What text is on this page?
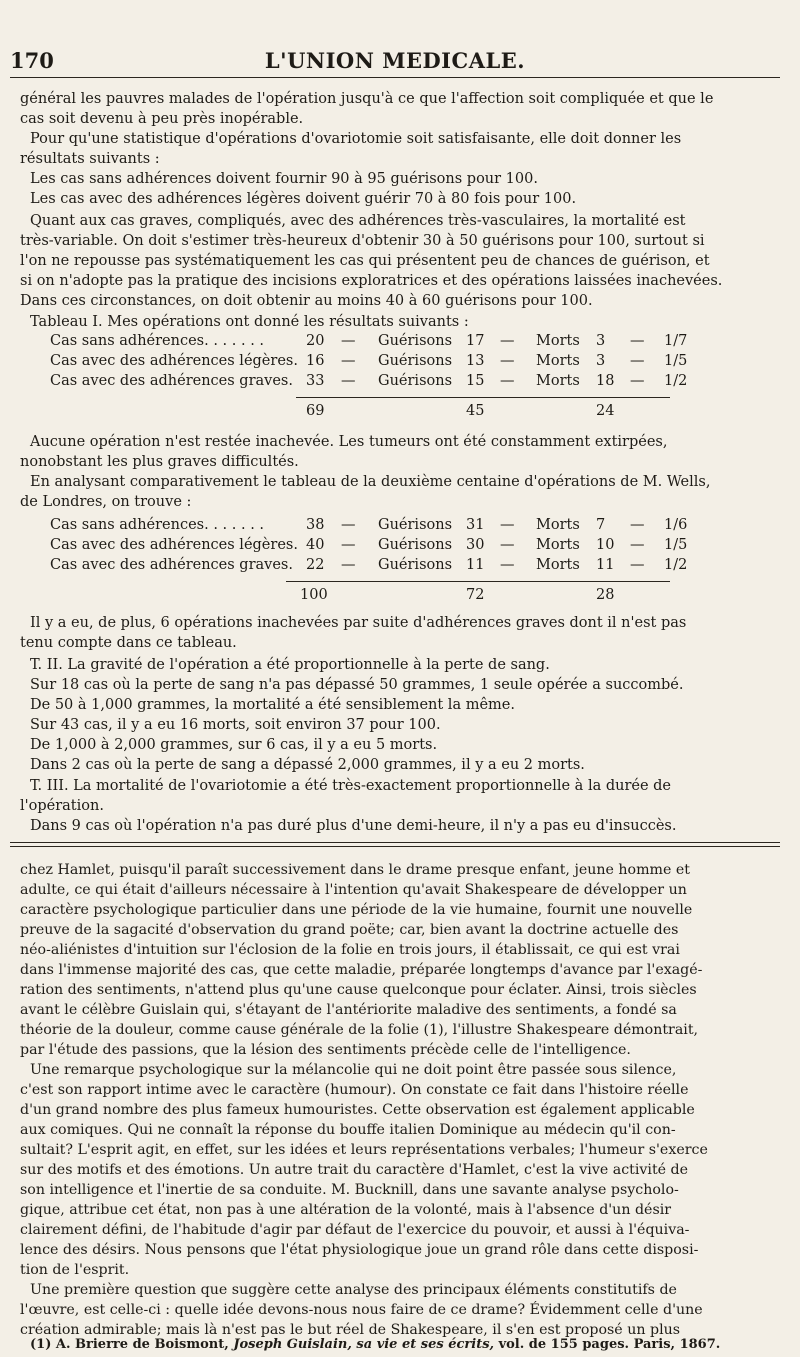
170	L'UNION MEDICALE.
général les pauvres malades de l'opération jusqu'à ce que l'affection soit compliquée et que le
cas soit devenu à peu près inopérable.
Pour qu'une statistique d'opérations d'ovariotomie soit satisfaisante, elle doit donner les
résultats suivants :
Les cas sans adhérences doivent fournir 90 à 95 guérisons pour 100.
Les cas avec des adhérences légères doivent guérir 70 à 80 fois pour 100.
Quant aux cas graves, compliqués, avec des adhérences très-vasculaires, la mortalité est
très-variable. On doit s'estimer très-heureux d'obtenir 30 à 50 guérisons pour 100, surtout si
l'on ne repousse pas systématiquement les cas qui présentent peu de chances de guérison, et
si on n'adopte pas la pratique des incisions exploratrices et des opérations laissées inachevées.
Dans ces circonstances, on doit obtenir au moins 40 à 60 guérisons pour 100.
Tableau I. Mes opérations ont donné les résultats suivants :
Cas sans adhérences. . . . . . .	20 — Guérisons 17 — Morts 3 — 1/7
Cas avec des adhérences légères. 16 — Guérisons 13 — Morts 3 — 1/5
Cas avec des adhérences graves. 33 — Guérisons 15 — Morts 18 — 1/2
69	45	24
Aucune opération n'est restée inachevée. Les tumeurs ont été constamment extirpées,
nonobstant les plus graves difficultés.
En analysant comparativement le tableau de la deuxième centaine d'opérations de M. Wells,
de Londres, on trouve :
Cas sans adhérences. . . . . . .	38 — Guérisons 31 — Morts 7 — 1/6
Cas avec des adhérences légères. 40 — Guérisons 30 — Morts 10 — 1/5
Cas avec des adhérences graves. 22 — Guérisons 11 — Morts 11 — 1/2
100	72	28
Il y a eu, de plus, 6 opérations inachevées par suite d'adhérences graves dont il n'est pas
tenu compte dans ce tableau.
T. II. La gravité de l'opération a été proportionnelle à la perte de sang.
Sur 18 cas où la perte de sang n'a pas dépassé 50 grammes, 1 seule opérée a succombé.
De 50 à 1,000 grammes, la mortalité a été sensiblement la même.
Sur 43 cas, il y a eu 16 morts, soit environ 37 pour 100.
De 1,000 à 2,000 grammes, sur 6 cas, il y a eu 5 morts.
Dans 2 cas où la perte de sang a dépassé 2,000 grammes, il y a eu 2 morts.
T. III. La mortalité de l'ovariotomie a été très-exactement proportionnelle à la durée de
l'opération.
Dans 9 cas où l'opération n'a pas duré plus d'une demi-heure, il n'y a pas eu d'insuccès.
chez Hamlet, puisqu'il paraît successivement dans le drame presque enfant, jeune homme et
adulte, ce qui était d'ailleurs nécessaire à l'intention qu'avait Shakespeare de développer un
caractère psychologique particulier dans une période de la vie humaine, fournit une nouvelle
preuve de la sagacité d'observation du grand poëte; car, bien avant la doctrine actuelle des
néo-aliénistes d'intuition sur l'éclosion de la folie en trois jours, il établissait, ce qui est vrai
dans l'immense majorité des cas, que cette maladie, préparée longtemps d'avance par l'exagé-
ration des sentiments, n'attend plus qu'une cause quelconque pour éclater. Ainsi, trois siècles
avant le célèbre Guislain qui, s'étayant de l'antériorite maladive des sentiments, a fondé sa
théorie de la douleur, comme cause générale de la folie (1), l'illustre Shakespeare démontrait,
par l'étude des passions, que la lésion des sentiments précède celle de l'intelligence.
Une remarque psychologique sur la mélancolie qui ne doit point être passée sous silence,
c'est son rapport intime avec le caractère (humour). On constate ce fait dans l'histoire réelle
d'un grand nombre des plus fameux humouristes. Cette observation est également applicable
aux comiques. Qui ne connaît la réponse du bouffe italien Dominique au médecin qu'il con-
sultait? L'esprit agit, en effet, sur les idées et leurs représentations verbales; l'humeur s'exerce
sur des motifs et des émotions. Un autre trait du caractère d'Hamlet, c'est la vive activité de
son intelligence et l'inertie de sa conduite. M. Bucknill, dans une savante analyse psycholo-
gique, attribue cet état, non pas à une altération de la volonté, mais à l'absence d'un désir
clairement défini, de l'habitude d'agir par défaut de l'exercice du pouvoir, et aussi à l'équiva-
lence des désirs. Nous pensons que l'état physiologique joue un grand rôle dans cette disposi-
tion de l'esprit.
Une première question que suggère cette analyse des principaux éléments constitutifs de
l'œuvre, est celle-ci : quelle idée devons-nous nous faire de ce drame? Évidemment celle d'une
création admirable; mais là n'est pas le but réel de Shakespeare, il s'en est proposé un plus
(1) A. Brierre de Boismont, Joseph Guislain, sa vie et ses écrits, vol. de 155 pages. Paris, 1867.
